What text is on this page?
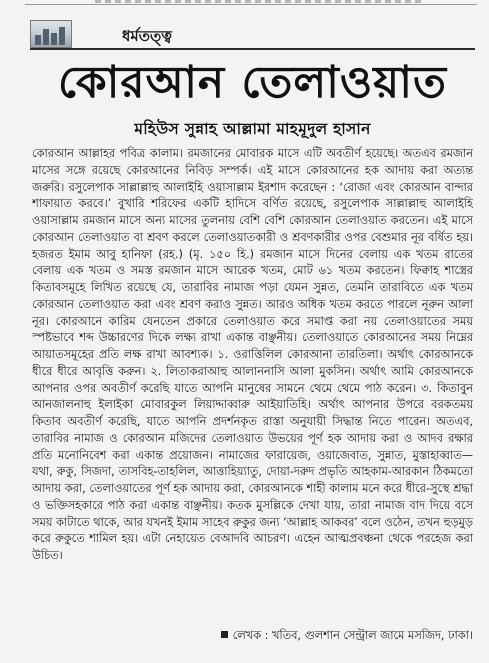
ধর্মতত্ত্ব
কোরআন তেলাওয়াত
মহিউস সুন্নাহ আল্লামা মাহমূদুল হাসান

কোরআন আল্লাহর পবিত্র কালাম। রমজানের মোবারক মাসে এটি অবতীর্ণ হয়েছে। অতএব রমজান মাসের সঙ্গে রয়েছে কোরআনের নিবিড় সম্পর্ক। এই মাসে কোরআনের হক আদায় করা অত্যন্ত জরুরি। রসুলেপাক সাল্লাল্লাহু আলাইহি ওয়াসাল্লাম ইরশাদ করেছেন : ‘রোজা এবং কোরআন বান্দার শাফায়াত করবে।’ বুখারি শরিফের একটি হাদিসে বর্ণিত রয়েছে, রসুলেপাক সাল্লাল্লাহু আলাইহি ওয়াসাল্লাম রমজান মাসে অন্য মাসের তুলনায় বেশি বেশি কোরআন তেলাওয়াত করতেন। এই মাসে কোরআন তেলাওয়াত বা শ্রবণ করলে তেলাওয়াতকারী ও শ্রবণকারীর ওপর বেশুমার নূর বর্ষিত হয়। হজরত ইমাম আবু হানিফা (রহ.) (মৃ. ১৫০ হি.) রমজান মাসে দিনের বেলায় এক খতম রাতের বেলায় এক খতম ও সমস্ত রমজান মাসে আরেক খতম, মোট ৬১ খতম করতেন। ফিক্বাহ শাস্ত্রের কিতাবসমূহে লিখিত রয়েছে যে, তারাবির নামাজ পড়া যেমন সুন্নত, তেমনি তারাবিতে এক খতম কোরআন তেলাওয়াত করা এবং শ্রবণ করাও সুন্নত। আরও অধিক খতম করতে পারলে নূরুন আলা নূর। কোরআনে কারিম যেনতেন প্রকারে তেলাওয়াত করে সমাপ্ত করা নয় তেলাওয়াতের সময় স্পষ্টভাবে শব্দ উচ্চারণের দিকে লক্ষ্য রাখা একান্ত বাঞ্ছনীয়। তেলাওয়াতে কোরআনের সময় নিম্নের আয়াতসমূহের প্রতি লক্ষ রাখা আবশ্যক। ১. ওরাত্তিলিল কোরআনা তারতিলা। অর্থাৎ কোরআনকে ধীরে ধীরে আবৃত্তি করুন। ২. লিতাকরাআহু আলাননাসি আলা মুকসিন। অর্থাৎ আমি কোরআনকে আপনার ওপর অবতীর্ণ করেছি যাতে আপনি মানুষের সামনে থেমে থেমে পাঠ করেন। ৩. কিতাবুন আনজালনাহু ইলাইকা মোবারকুল লিয়াদ্দাব্বারু আইয়াতিহি। অর্থাৎ আপনার উপরে বরকতময় কিতাব অবতীর্ণ করেছি, যাতে আপনি প্রদর্শনকৃত রাস্তা অনুযায়ী সিদ্ধান্ত নিতে পারেন। অতএব, তারাবির নামাজ ও কোরআন মজিদের তেলাওয়াত উভয়ের পূর্ণ হক আদায় করা ও আদব রক্ষার প্রতি মনোনিবেশ করা একান্ত প্রয়োজন। নামাজের ফারায়েজ, ওয়াজেবাত, সুন্নাত, মুস্তাহাব্বাত— যথা, রুকু, সিজদা, তাসবিহ-তাহলিল, আত্তাহিয়্যাতু, দোয়া-দরুদ প্রভৃতি আহকাম-আরকান ঠিকমতো আদায় করা, তেলাওয়াতের পূর্ণ হক আদায় করা, কোরআনকে শাহী কালাম মনে করে ধীরে-সুস্থে শ্রদ্ধা ও ভক্তিসহকারে পাঠ করা একান্ত বাঞ্ছনীয়। কতক মুসল্লিকে দেখা যায়, তারা নামাজ বাদ দিয়ে বসে সময় কাটাতে থাকে, আর যখনই ইমাম সাহেব রুকুর জন্য ‘আল্লাহ আকবর’ বলে ওঠেন, তখন হুড়মুড় করে রুকুতে শামিল হয়। এটা নেহায়েত বেআদবি আচরণ। এহেন আত্মপ্রবঞ্চনা থেকে পরহেজ করা উচিত।

লেখক : খতিব, গুলশান সেন্ট্রাল জামে মসজিদ, ঢাকা।
